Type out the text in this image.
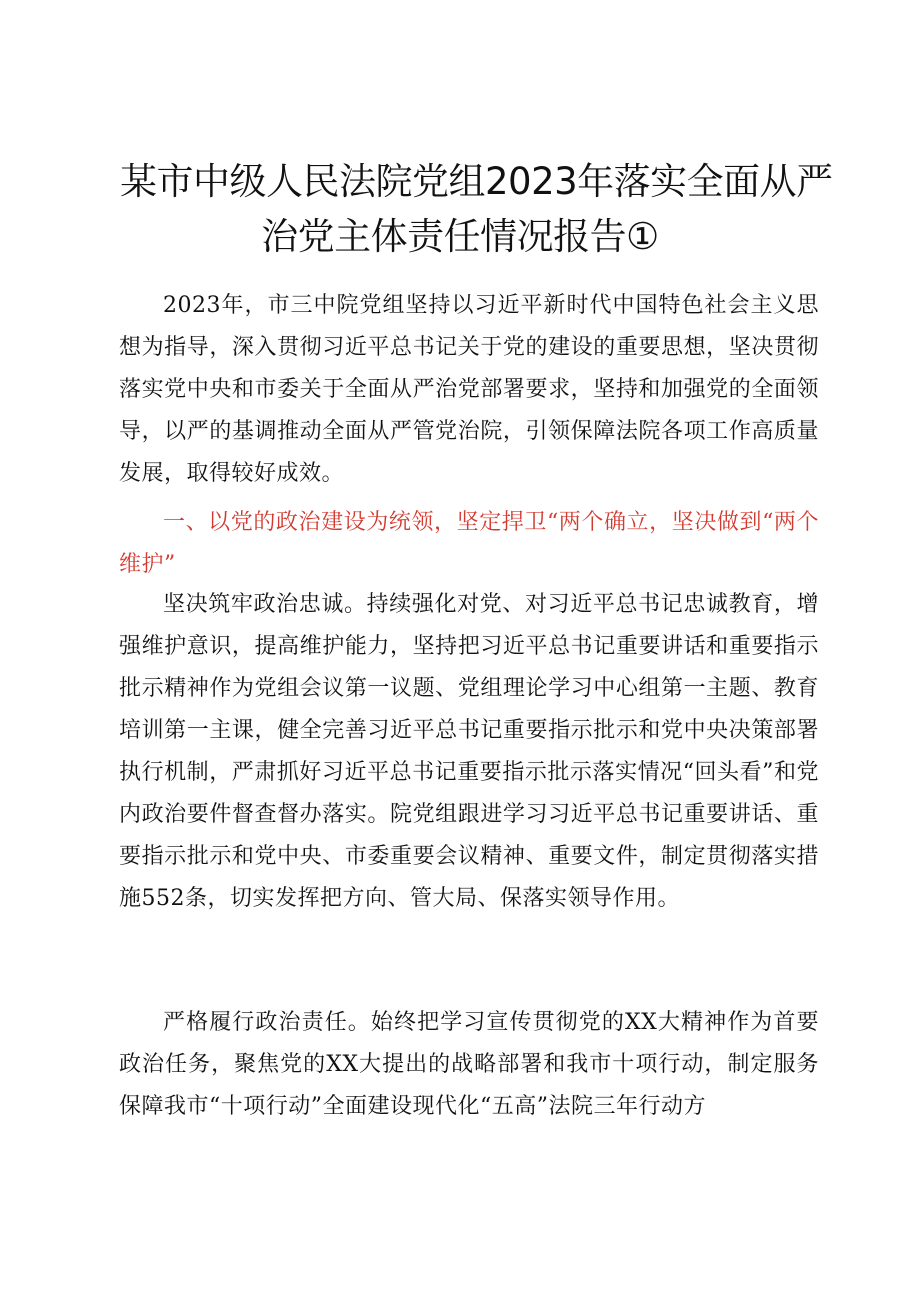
某市中级人民法院党组2023年落实全面从严
治党主体责任情况报告①

2023年，市三中院党组坚持以习近平新时代中国特色社会主义思想为指导，深入贯彻习近平总书记关于党的建设的重要思想，坚决贯彻落实党中央和市委关于全面从严治党部署要求，坚持和加强党的全面领导，以严的基调推动全面从严管党治院，引领保障法院各项工作高质量发展，取得较好成效。

一、以党的政治建设为统领，坚定捍卫“两个确立，坚决做到“两个维护”

坚决筑牢政治忠诚。持续强化对党、对习近平总书记忠诚教育，增强维护意识，提高维护能力，坚持把习近平总书记重要讲话和重要指示批示精神作为党组会议第一议题、党组理论学习中心组第一主题、教育培训第一主课，健全完善习近平总书记重要指示批示和党中央决策部署执行机制，严肃抓好习近平总书记重要指示批示落实情况“回头看”和党内政治要件督查督办落实。院党组跟进学习习近平总书记重要讲话、重要指示批示和党中央、市委重要会议精神、重要文件，制定贯彻落实措施552条，切实发挥把方向、管大局、保落实领导作用。

严格履行政治责任。始终把学习宣传贯彻党的XX大精神作为首要政治任务，聚焦党的XX大提出的战略部署和我市十项行动，制定服务保障我市“十项行动”全面建设现代化“五高”法院三年行动方
